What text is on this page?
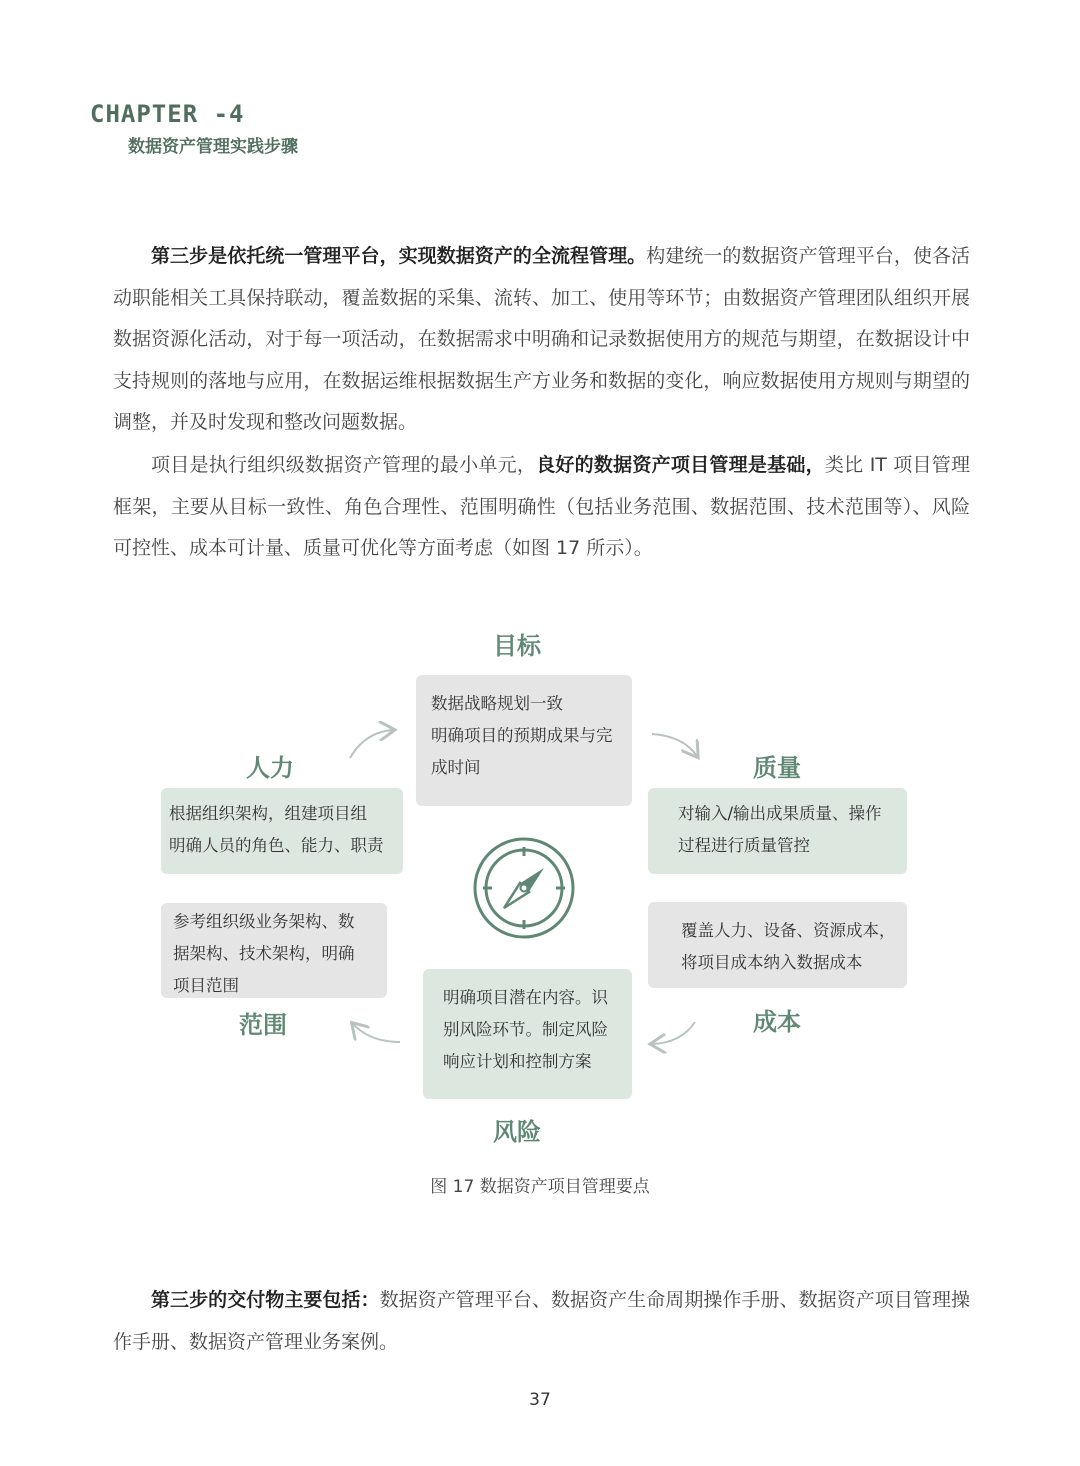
CHAPTER -4
数据资产管理实践步骤

第三步是依托统一管理平台，实现数据资产的全流程管理。构建统一的数据资产管理平台，使各活动职能相关工具保持联动，覆盖数据的采集、流转、加工、使用等环节；由数据资产管理团队组织开展数据资源化活动，对于每一项活动，在数据需求中明确和记录数据使用方的规范与期望，在数据设计中支持规则的落地与应用，在数据运维根据数据生产方业务和数据的变化，响应数据使用方规则与期望的调整，并及时发现和整改问题数据。

项目是执行组织级数据资产管理的最小单元，良好的数据资产项目管理是基础，类比 IT 项目管理框架，主要从目标一致性、角色合理性、范围明确性（包括业务范围、数据范围、技术范围等）、风险可控性、成本可计量、质量可优化等方面考虑（如图 17 所示）。

目标
质量
成本
风险
范围
人力
数据战略规划一致
明确项目的预期成果与完
成时间
对输入/输出成果质量、操作
过程进行质量管控
覆盖人力、设备、资源成本，
将项目成本纳入数据成本
明确项目潜在内容。识
别风险环节。制定风险
响应计划和控制方案
参考组织级业务架构、数
据架构、技术架构，明确
项目范围
根据组织架构，组建项目组
明确人员的角色、能力、职责
图 17 数据资产项目管理要点

第三步的交付物主要包括：数据资产管理平台、数据资产生命周期操作手册、数据资产项目管理操作手册、数据资产管理业务案例。

37
